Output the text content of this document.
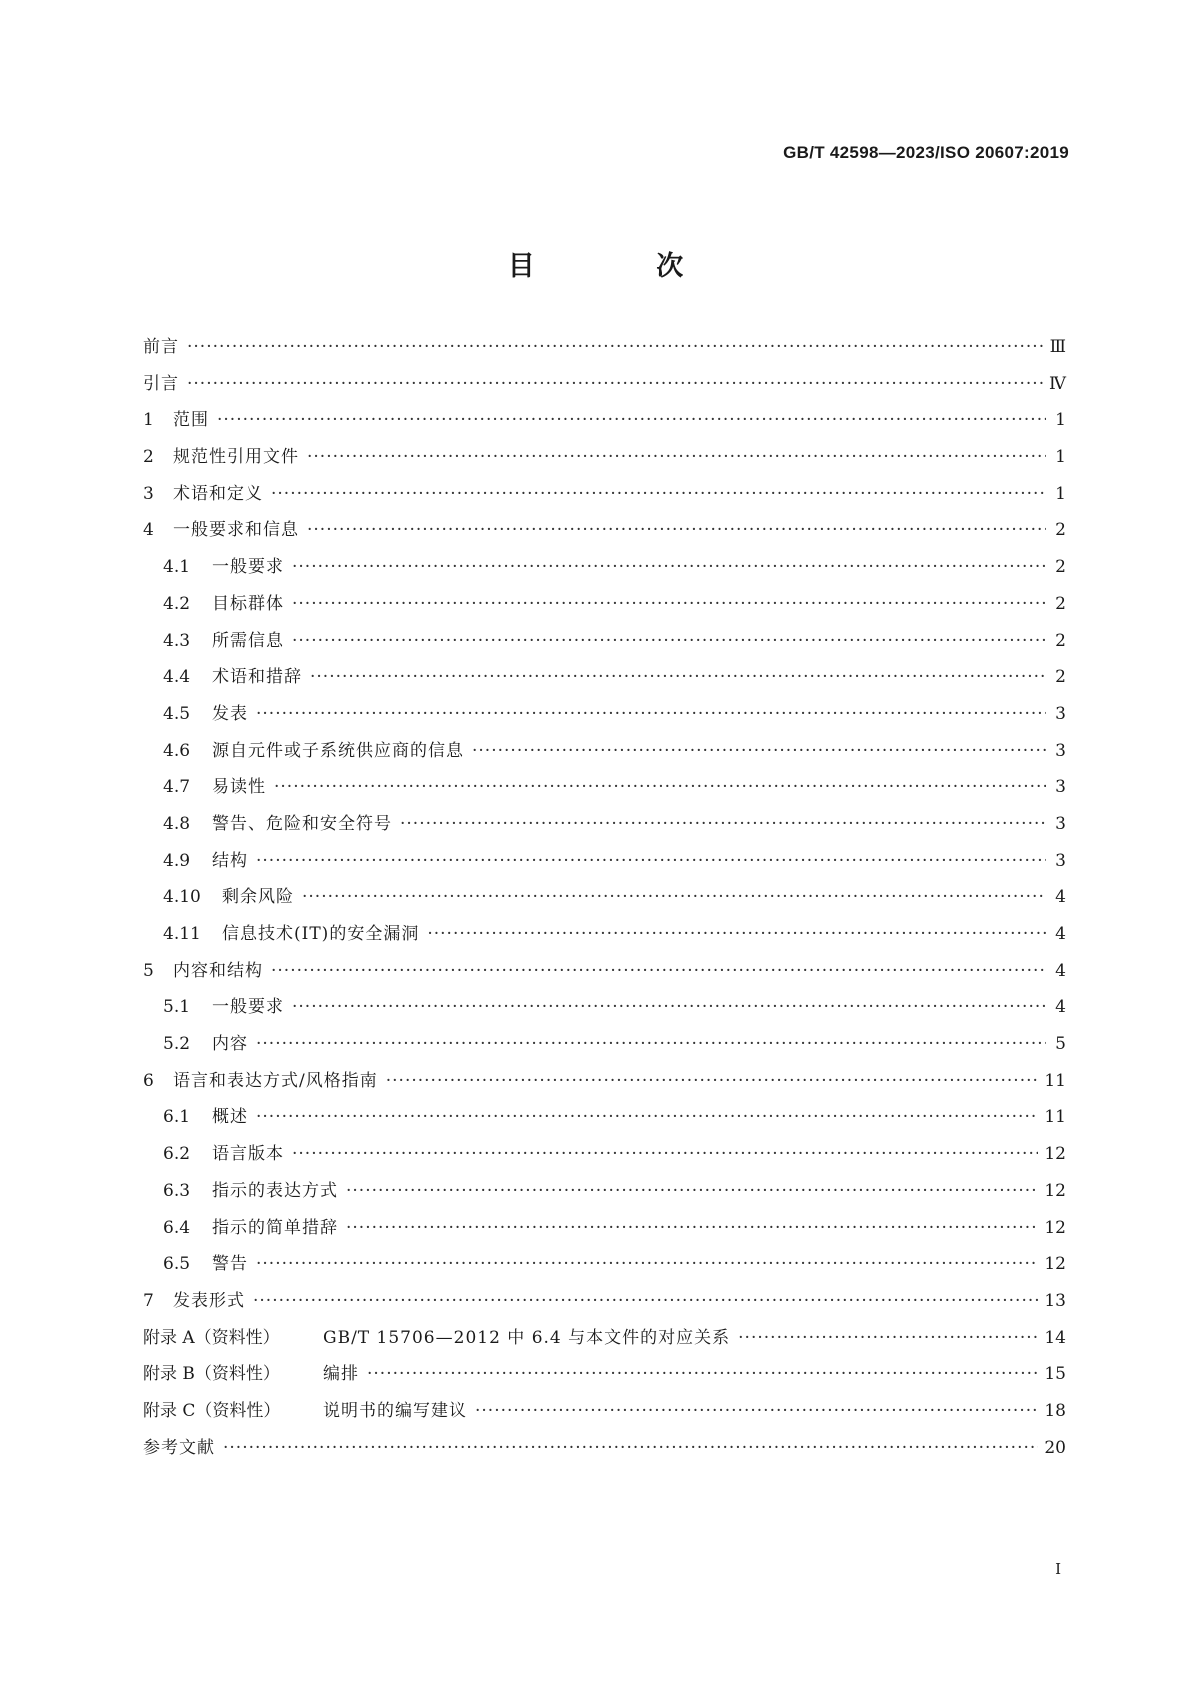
GB/T 42598—2023/ISO 20607:2019
目 次
前言 ·····	Ⅲ
引言 ·····	Ⅳ
1	范围 ·····	1
2	规范性引用文件 ·····	1
3	术语和定义 ·····	1
4	一般要求和信息 ·····	2
4.1	一般要求 ·····	2
4.2	目标群体 ·····	2
4.3	所需信息 ·····	2
4.4	术语和措辞 ·····	2
4.5	发表 ·····	3
4.6	源自元件或子系统供应商的信息 ·····	3
4.7	易读性 ·····	3
4.8	警告、危险和安全符号 ·····	3
4.9	结构 ·····	3
4.10	剩余风险 ·····	4
4.11	信息技术(IT)的安全漏洞 ·····	4
5	内容和结构 ·····	4
5.1	一般要求 ·····	4
5.2	内容 ·····	5
6	语言和表达方式/风格指南 ·····	11
6.1	概述 ·····	11
6.2	语言版本 ·····	12
6.3	指示的表达方式 ·····	12
6.4	指示的简单措辞 ·····	12
6.5	警告 ·····	12
7	发表形式 ·····	13
附录 A（资料性）	GB/T 15706—2012 中 6.4 与本文件的对应关系 ·····	14
附录 B（资料性）	编排 ·····	15
附录 C（资料性）	说明书的编写建议 ·····	18
参考文献 ·····	20
I
